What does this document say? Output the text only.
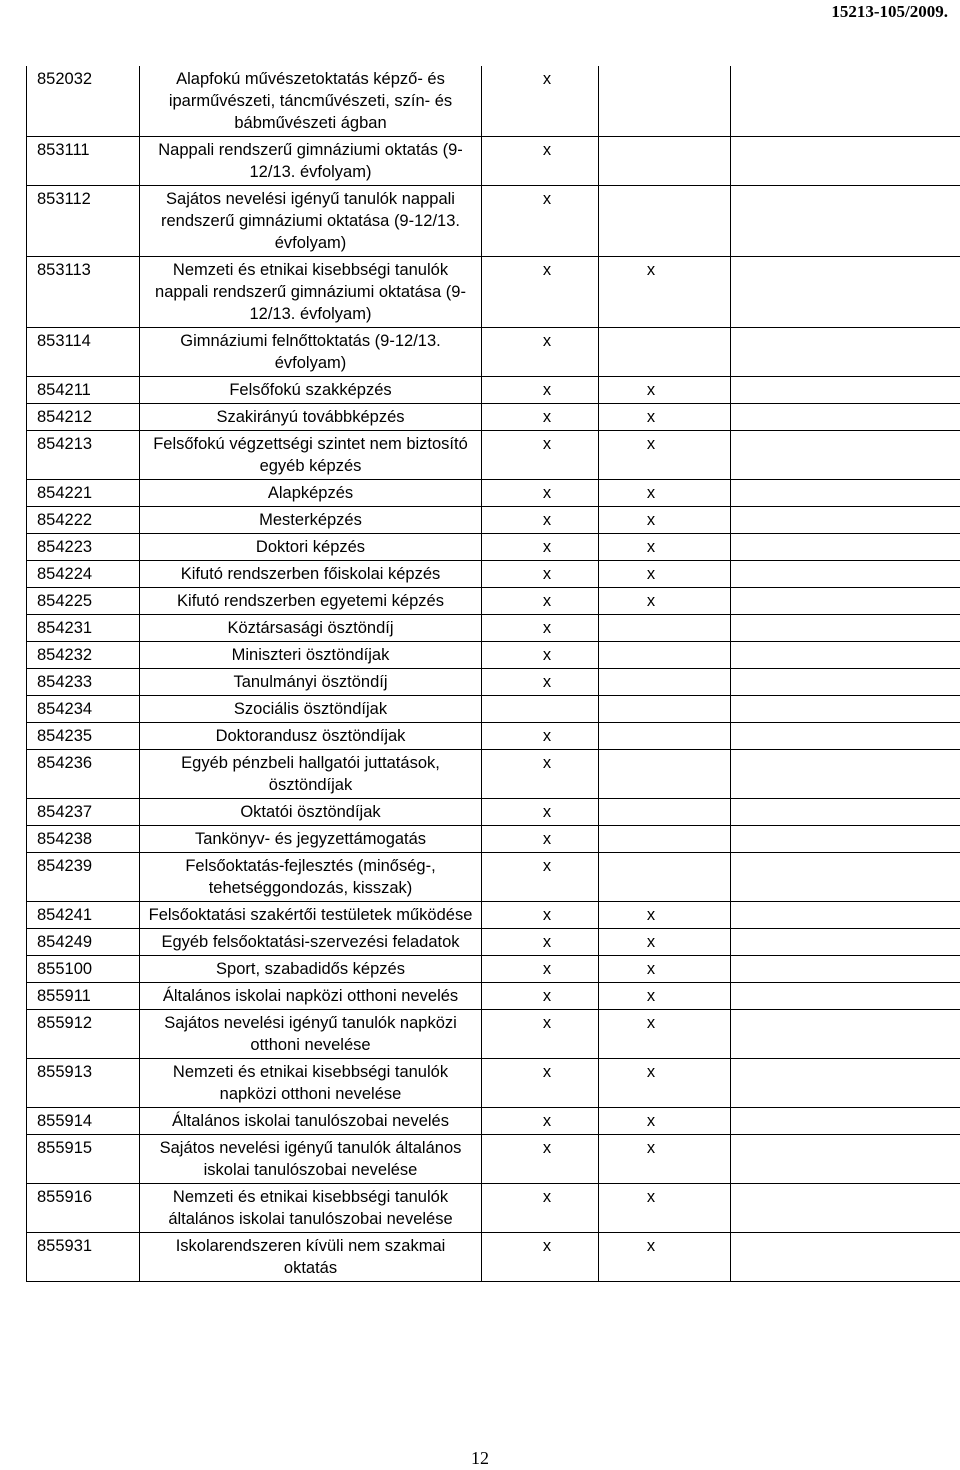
15213-105/2009.
852032	Alapfokú művészetoktatás képző- és iparművészeti, táncművészeti, szín- és bábművészeti ágban	x		
853111	Nappali rendszerű gimnáziumi oktatás (9-12/13. évfolyam)	x		
853112	Sajátos nevelési igényű tanulók nappali rendszerű gimnáziumi oktatása (9-12/13. évfolyam)	x		
853113	Nemzeti és etnikai kisebbségi tanulók nappali rendszerű gimnáziumi oktatása (9-12/13. évfolyam)	x	x	
853114	Gimnáziumi felnőttoktatás (9-12/13. évfolyam)	x		
854211	Felsőfokú szakképzés	x	x	
854212	Szakirányú továbbképzés	x	x	
854213	Felsőfokú végzettségi szintet nem biztosító egyéb képzés	x	x	
854221	Alapképzés	x	x	
854222	Mesterképzés	x	x	
854223	Doktori képzés	x	x	
854224	Kifutó rendszerben főiskolai képzés	x	x	
854225	Kifutó rendszerben egyetemi képzés	x	x	
854231	Köztársasági ösztöndíj	x		
854232	Miniszteri ösztöndíjak	x		
854233	Tanulmányi ösztöndíj	x		
854234	Szociális ösztöndíjak			
854235	Doktorandusz ösztöndíjak	x		
854236	Egyéb pénzbeli hallgatói juttatások, ösztöndíjak	x		
854237	Oktatói ösztöndíjak	x		
854238	Tankönyv- és jegyzettámogatás	x		
854239	Felsőoktatás-fejlesztés (minőség-, tehetséggondozás, kisszak)	x		
854241	Felsőoktatási szakértői testületek működése	x	x	
854249	Egyéb felsőoktatási-szervezési feladatok	x	x	
855100	Sport, szabadidős képzés	x	x	
855911	Általános iskolai napközi otthoni nevelés	x	x	
855912	Sajátos nevelési igényű tanulók napközi otthoni nevelése	x	x	
855913	Nemzeti és etnikai kisebbségi tanulók napközi otthoni nevelése	x	x	
855914	Általános iskolai tanulószobai nevelés	x	x	
855915	Sajátos nevelési igényű tanulók általános iskolai tanulószobai nevelése	x	x	
855916	Nemzeti és etnikai kisebbségi tanulók általános iskolai tanulószobai nevelése	x	x	
855931	Iskolarendszeren kívüli nem szakmai oktatás	x	x	
12
